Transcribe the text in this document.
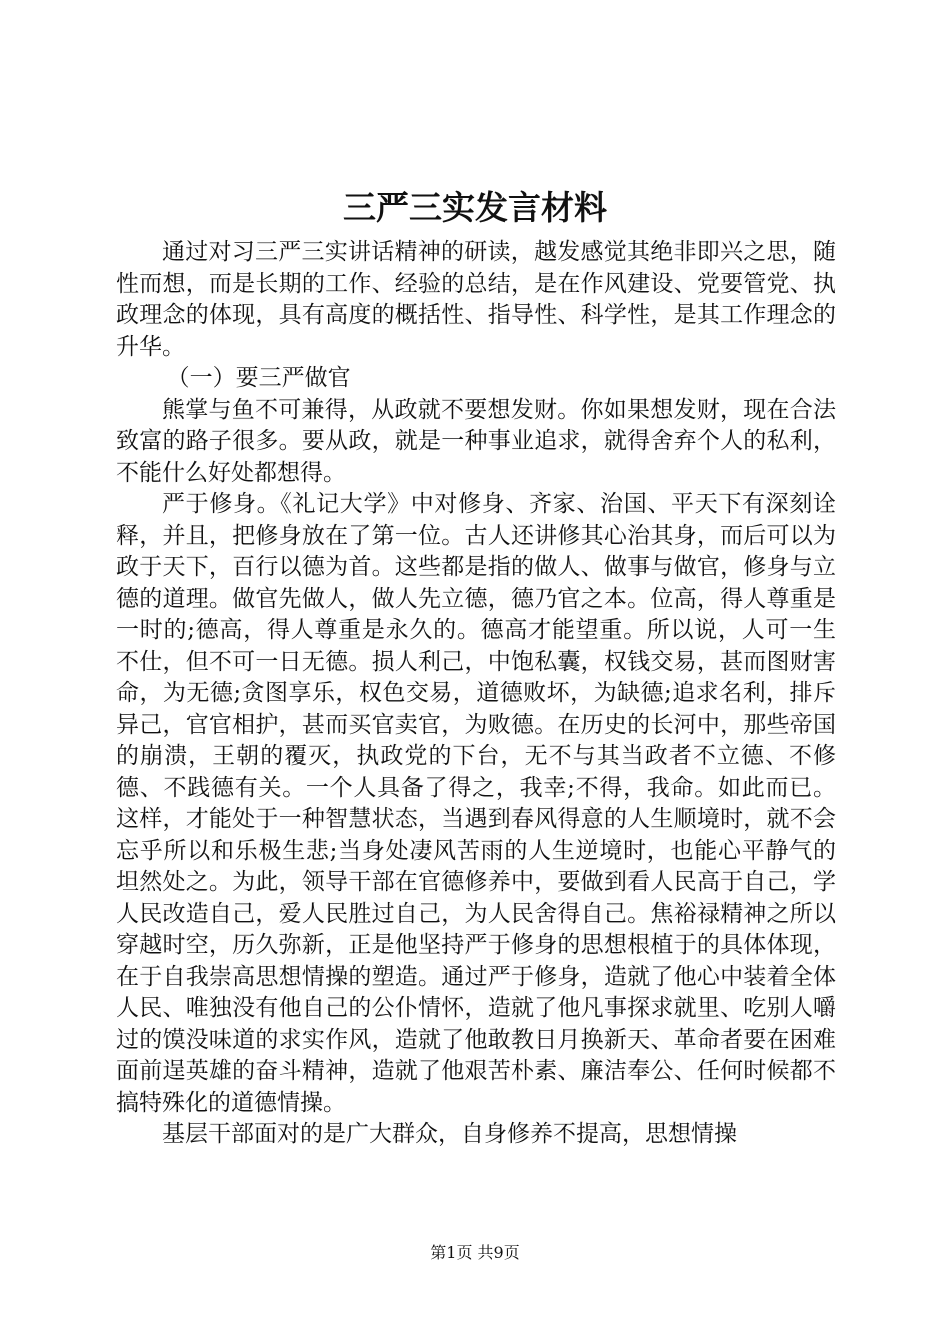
三严三实发言材料

通过对习三严三实讲话精神的研读，越发感觉其绝非即兴之思，随性而想，而是长期的工作、经验的总结，是在作风建设、党要管党、执政理念的体现，具有高度的概括性、指导性、科学性，是其工作理念的升华。

（一）要三严做官

熊掌与鱼不可兼得，从政就不要想发财。你如果想发财，现在合法致富的路子很多。要从政，就是一种事业追求，就得舍弃个人的私利，不能什么好处都想得。

严于修身。《礼记大学》中对修身、齐家、治国、平天下有深刻诠释，并且，把修身放在了第一位。古人还讲修其心治其身，而后可以为政于天下，百行以德为首。这些都是指的做人、做事与做官，修身与立德的道理。做官先做人，做人先立德，德乃官之本。位高，得人尊重是一时的;德高，得人尊重是永久的。德高才能望重。所以说，人可一生不仕，但不可一日无德。损人利己，中饱私囊，权钱交易，甚而图财害命，为无德;贪图享乐，权色交易，道德败坏，为缺德;追求名利，排斥异己，官官相护，甚而买官卖官，为败德。在历史的长河中，那些帝国的崩溃，王朝的覆灭，执政党的下台，无不与其当政者不立德、不修德、不践德有关。一个人具备了得之，我幸;不得，我命。如此而已。这样，才能处于一种智慧状态，当遇到春风得意的人生顺境时，就不会忘乎所以和乐极生悲;当身处凄风苦雨的人生逆境时，也能心平静气的坦然处之。为此，领导干部在官德修养中，要做到看人民高于自己，学人民改造自己，爱人民胜过自己，为人民舍得自己。焦裕禄精神之所以穿越时空，历久弥新，正是他坚持严于修身的思想根植于的具体体现，在于自我崇高思想情操的塑造。通过严于修身，造就了他心中装着全体人民、唯独没有他自己的公仆情怀，造就了他凡事探求就里、吃别人嚼过的馍没味道的求实作风，造就了他敢教日月换新天、革命者要在困难面前逞英雄的奋斗精神，造就了他艰苦朴素、廉洁奉公、任何时候都不搞特殊化的道德情操。

基层干部面对的是广大群众，自身修养不提高，思想情操

第1页 共9页
